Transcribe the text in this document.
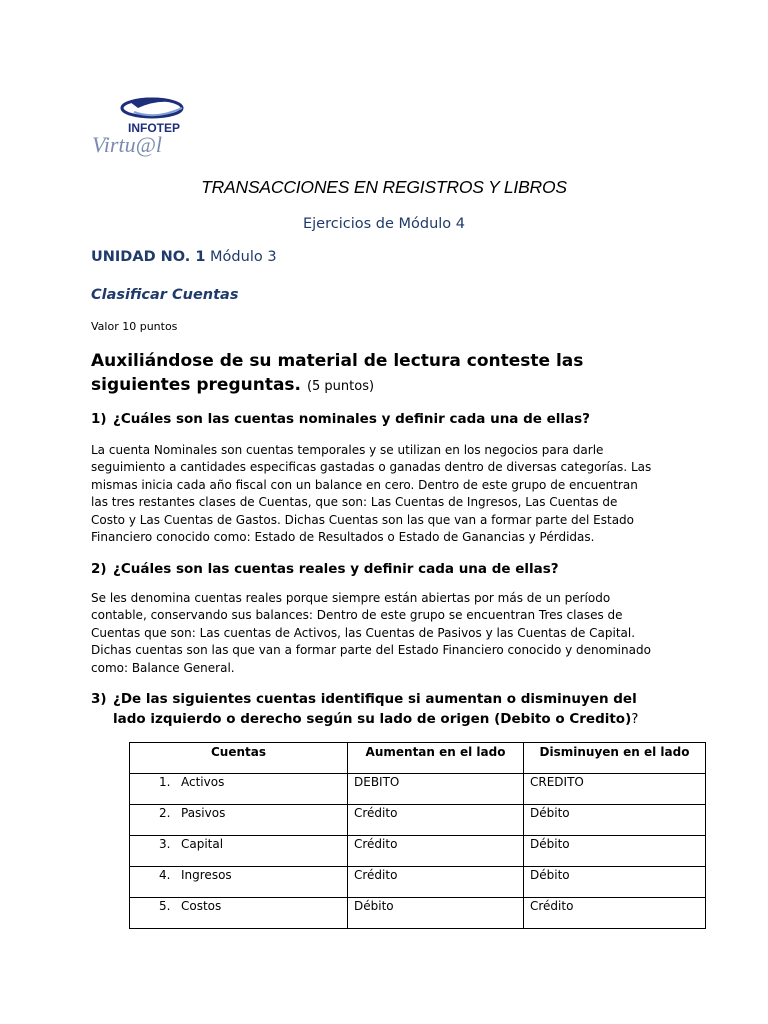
INFOTEP
Virtu@l
TRANSACCIONES EN REGISTROS Y LIBROS
Ejercicios de Módulo 4
UNIDAD NO. 1 Módulo 3
Clasificar Cuentas
Valor 10 puntos
Auxiliándose de su material de lectura conteste las
siguientes preguntas. (5 puntos)
1) ¿Cuáles son las cuentas nominales y definir cada una de ellas?
La cuenta Nominales son cuentas temporales y se utilizan en los negocios para darle
seguimiento a cantidades especificas gastadas o ganadas dentro de diversas categorías. Las
mismas inicia cada año fiscal con un balance en cero. Dentro de este grupo de encuentran
las tres restantes clases de Cuentas, que son: Las Cuentas de Ingresos, Las Cuentas de
Costo y Las Cuentas de Gastos. Dichas Cuentas son las que van a formar parte del Estado
Financiero conocido como: Estado de Resultados o Estado de Ganancias y Pérdidas.
2) ¿Cuáles son las cuentas reales y definir cada una de ellas?
Se les denomina cuentas reales porque siempre están abiertas por más de un período
contable, conservando sus balances: Dentro de este grupo se encuentran Tres clases de
Cuentas que son: Las cuentas de Activos, las Cuentas de Pasivos y las Cuentas de Capital.
Dichas cuentas son las que van a formar parte del Estado Financiero conocido y denominado
como: Balance General.
3) ¿De las siguientes cuentas identifique si aumentan o disminuyen del
lado izquierdo o derecho según su lado de origen (Debito o Credito)?
Cuentas	Aumentan en el lado	Disminuyen en el lado
1. Activos	DEBITO	CREDITO
2. Pasivos	Crédito	Débito
3. Capital	Crédito	Débito
4. Ingresos	Crédito	Débito
5. Costos	Débito	Crédito
